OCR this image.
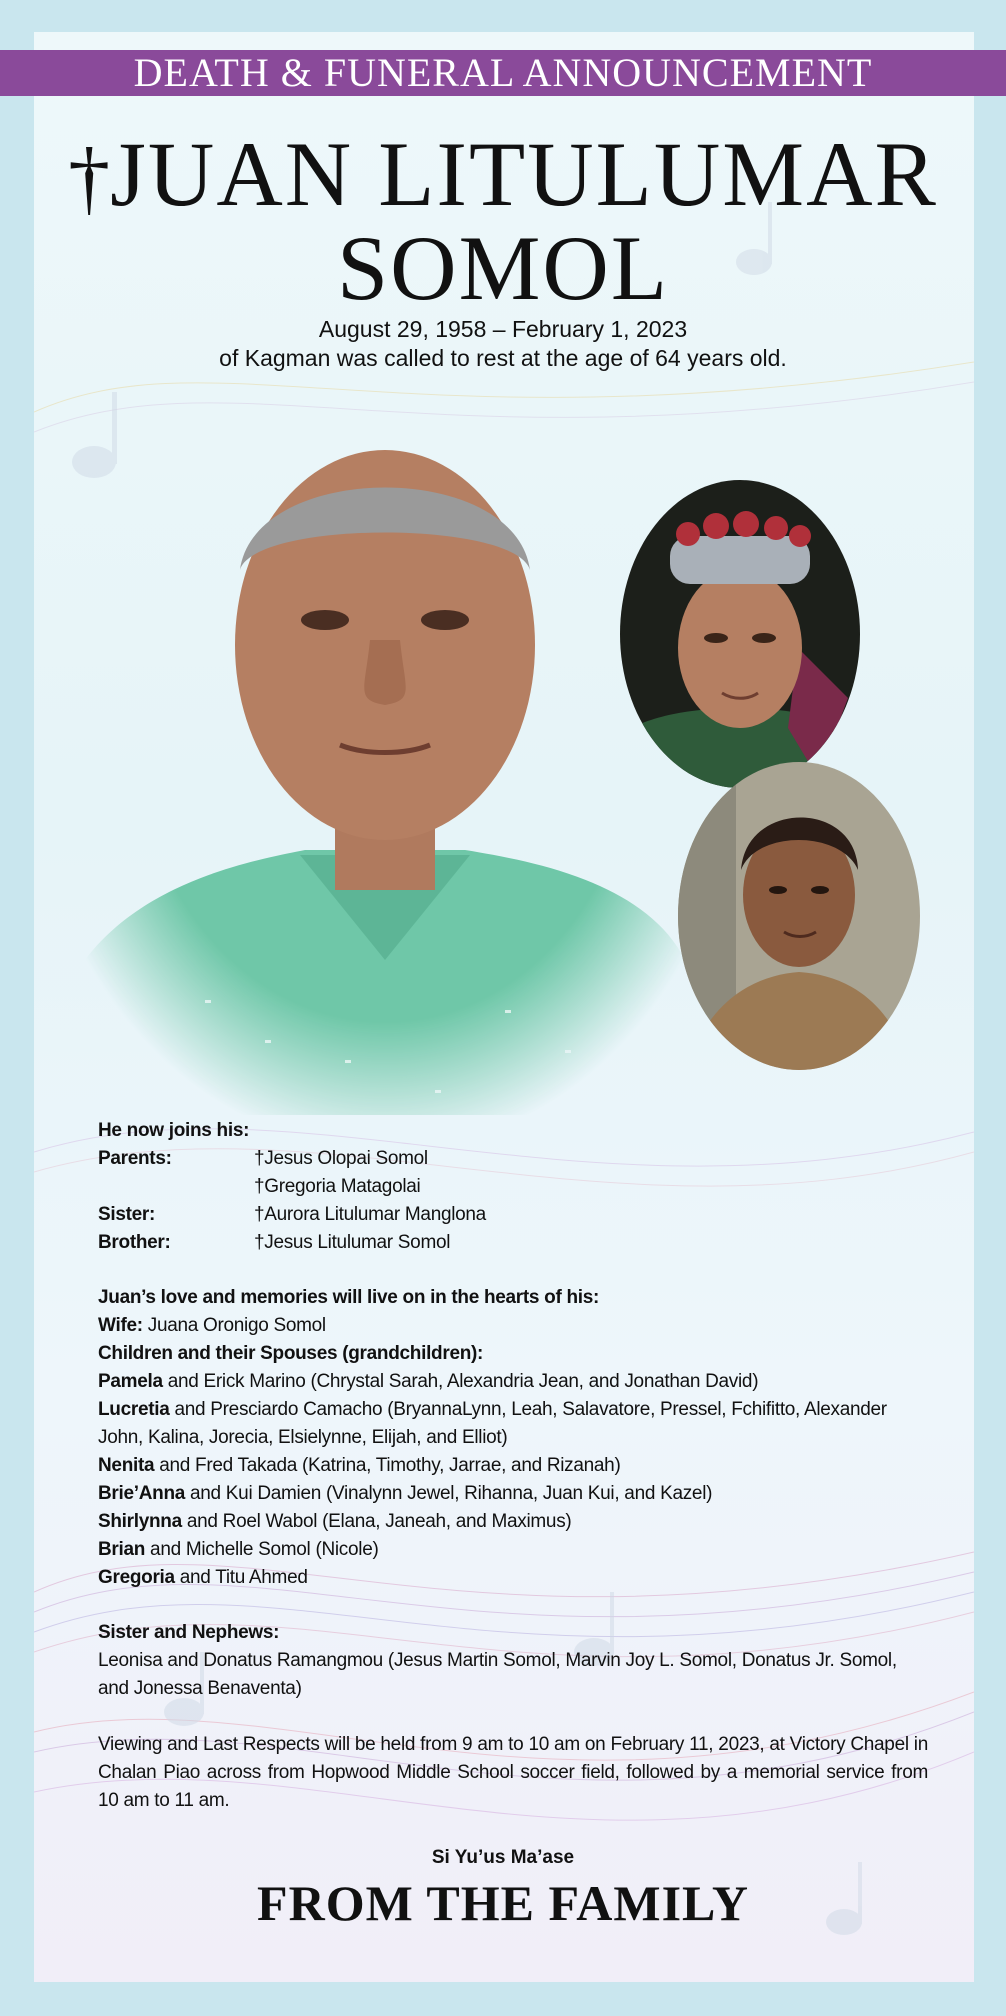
DEATH & FUNERAL ANNOUNCEMENT
†JUAN LITULUMAR
SOMOL
August 29, 1958 – February 1, 2023
of Kagman was called to rest at the age of 64 years old.
He now joins his:
Parents:	†Jesus Olopai Somol
†Gregoria Matagolai
Sister:	†Aurora Litulumar Manglona
Brother:	†Jesus Litulumar Somol
Juan’s love and memories will live on in the hearts of his:
Wife: Juana Oronigo Somol
Children and their Spouses (grandchildren):
Pamela and Erick Marino (Chrystal Sarah, Alexandria Jean, and Jonathan David)
Lucretia and Presciardo Camacho (BryannaLynn, Leah, Salavatore, Pressel, Fchifitto, Alexander John, Kalina, Jorecia, Elsielynne, Elijah, and Elliot)
Nenita and Fred Takada (Katrina, Timothy, Jarrae, and Rizanah)
Brie’Anna and Kui Damien (Vinalynn Jewel, Rihanna, Juan Kui, and Kazel)
Shirlynna and Roel Wabol (Elana, Janeah, and Maximus)
Brian and Michelle Somol (Nicole)
Gregoria and Titu Ahmed
Sister and Nephews:
Leonisa and Donatus Ramangmou (Jesus Martin Somol, Marvin Joy L. Somol, Donatus Jr. Somol, and Jonessa Benaventa)
Viewing and Last Respects will be held from 9 am to 10 am on February 11, 2023, at Victory Chapel in Chalan Piao across from Hopwood Middle School soccer field, followed by a memorial service from 10 am to 11 am.
Si Yu’us Ma’ase
FROM THE FAMILY
